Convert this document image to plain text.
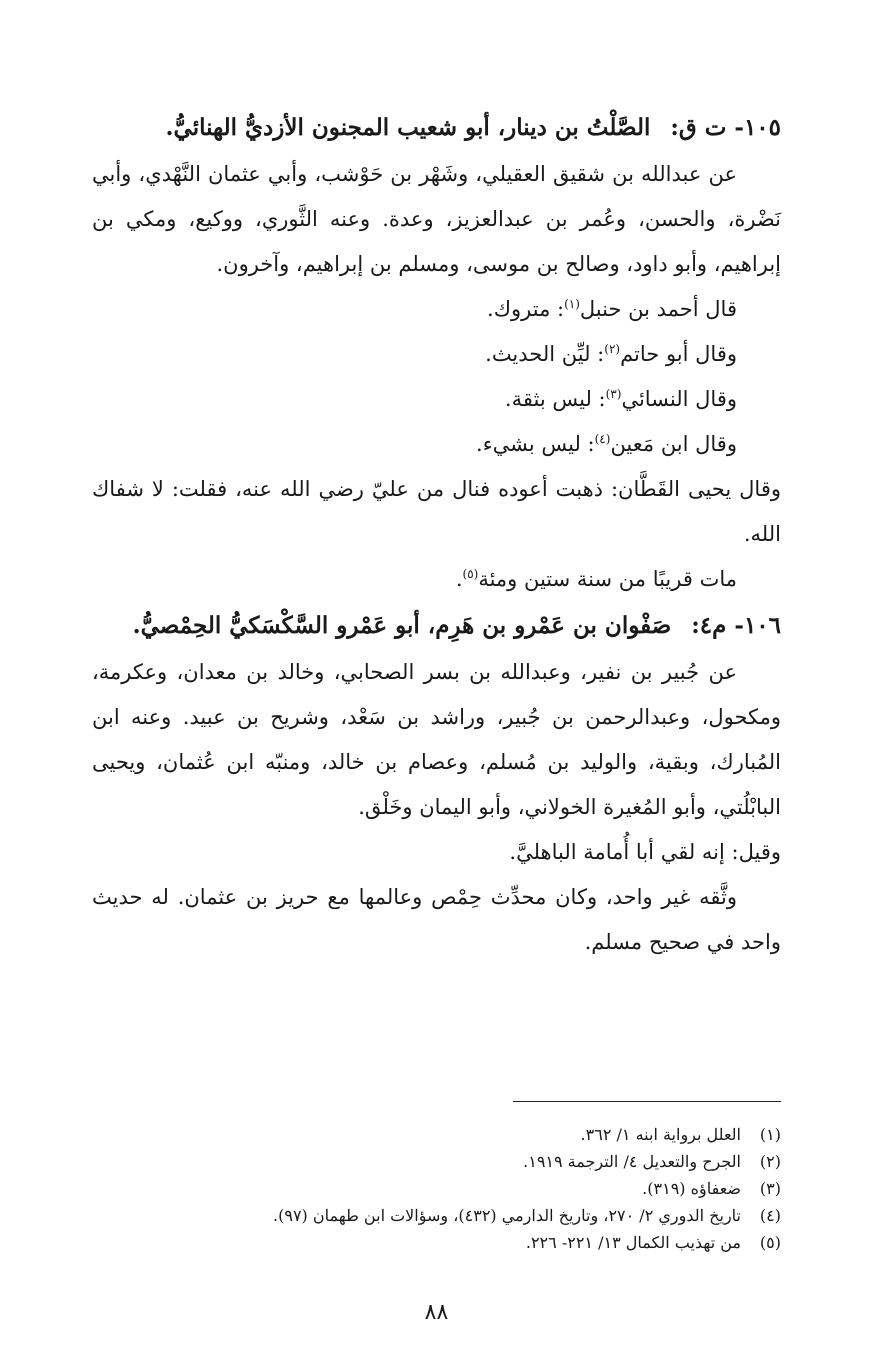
١٠٥- ت ق: الصَّلْتُ بن دينار، أبو شعيب المجنون الأزديُّ الهنائيُّ.

عن عبدالله بن شقيق العقيلي، وشَهْر بن حَوْشب، وأبي عثمان النَّهْدي، وأبي نَضْرة، والحسن، وعُمر بن عبدالعزيز، وعدة. وعنه الثَّوري، ووكيع، ومكي بن إبراهيم، وأبو داود، وصالح بن موسى، ومسلم بن إبراهيم، وآخرون.

قال أحمد بن حنبل$^{(١)}$: متروك.
وقال أبو حاتم$^{(٢)}$: ليِّن الحديث.
وقال النسائي$^{(٣)}$: ليس بثقة.
وقال ابن مَعين$^{(٤)}$: ليس بشيء.

وقال يحيى القَطَّان: ذهبت أعوده فنال من عليّ رضي الله عنه، فقلت: لا شفاك الله.

مات قريبًا من سنة ستين ومئة$^{(٥)}$.

١٠٦- م٤: صَفْوان بن عَمْرو بن هَرِم، أبو عَمْرو السَّكْسَكيُّ الحِمْصيُّ.

عن جُبير بن نفير، وعبدالله بن بسر الصحابي، وخالد بن معدان، وعكرمة، ومكحول، وعبدالرحمن بن جُبير، وراشد بن سَعْد، وشريح بن عبيد. وعنه ابن المُبارك، وبقية، والوليد بن مُسلم، وعصام بن خالد، ومنبّه ابن عُثمان، ويحيى البابْلُتي، وأبو المُغيرة الخولاني، وأبو اليمان وخَلْق.

وقيل: إنه لقي أبا أُمامة الباهليَّ.

وثَّقه غير واحد، وكان محدِّث حِمْص وعالمها مع حريز بن عثمان. له حديث واحد في صحيح مسلم.

(١)
العلل برواية ابنه ١/ ٣٦٢.
(٢)
الجرح والتعديل ٤/ الترجمة ١٩١٩.
(٣)
ضعفاؤه (٣١٩).
(٤)
تاريخ الدوري ٢/ ٢٧٠، وتاريخ الدارمي (٤٣٢)، وسؤالات ابن طهمان (٩٧).
(٥)
من تهذيب الكمال ١٣/ ٢٢١- ٢٢٦.
٨٨
